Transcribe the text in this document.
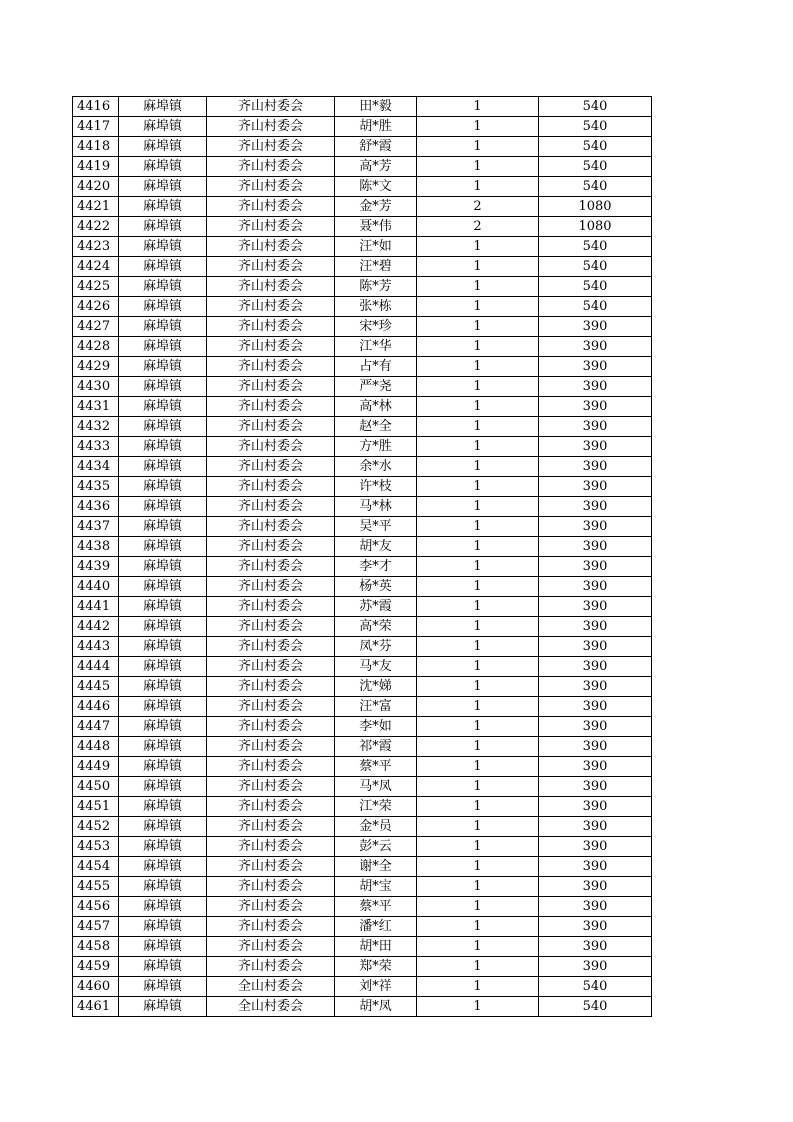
4416	麻埠镇	齐山村委会	田*毅	1	540
4417	麻埠镇	齐山村委会	胡*胜	1	540
4418	麻埠镇	齐山村委会	舒*霞	1	540
4419	麻埠镇	齐山村委会	高*芳	1	540
4420	麻埠镇	齐山村委会	陈*文	1	540
4421	麻埠镇	齐山村委会	金*芳	2	1080
4422	麻埠镇	齐山村委会	聂*伟	2	1080
4423	麻埠镇	齐山村委会	汪*如	1	540
4424	麻埠镇	齐山村委会	汪*碧	1	540
4425	麻埠镇	齐山村委会	陈*芳	1	540
4426	麻埠镇	齐山村委会	张*栋	1	540
4427	麻埠镇	齐山村委会	宋*珍	1	390
4428	麻埠镇	齐山村委会	江*华	1	390
4429	麻埠镇	齐山村委会	占*有	1	390
4430	麻埠镇	齐山村委会	严*尧	1	390
4431	麻埠镇	齐山村委会	高*林	1	390
4432	麻埠镇	齐山村委会	赵*全	1	390
4433	麻埠镇	齐山村委会	方*胜	1	390
4434	麻埠镇	齐山村委会	余*水	1	390
4435	麻埠镇	齐山村委会	许*枝	1	390
4436	麻埠镇	齐山村委会	马*林	1	390
4437	麻埠镇	齐山村委会	吴*平	1	390
4438	麻埠镇	齐山村委会	胡*友	1	390
4439	麻埠镇	齐山村委会	李*才	1	390
4440	麻埠镇	齐山村委会	杨*英	1	390
4441	麻埠镇	齐山村委会	苏*霞	1	390
4442	麻埠镇	齐山村委会	高*荣	1	390
4443	麻埠镇	齐山村委会	凤*芬	1	390
4444	麻埠镇	齐山村委会	马*友	1	390
4445	麻埠镇	齐山村委会	沈*娣	1	390
4446	麻埠镇	齐山村委会	汪*富	1	390
4447	麻埠镇	齐山村委会	李*如	1	390
4448	麻埠镇	齐山村委会	祁*霞	1	390
4449	麻埠镇	齐山村委会	蔡*平	1	390
4450	麻埠镇	齐山村委会	马*凤	1	390
4451	麻埠镇	齐山村委会	江*荣	1	390
4452	麻埠镇	齐山村委会	金*员	1	390
4453	麻埠镇	齐山村委会	彭*云	1	390
4454	麻埠镇	齐山村委会	谢*全	1	390
4455	麻埠镇	齐山村委会	胡*宝	1	390
4456	麻埠镇	齐山村委会	蔡*平	1	390
4457	麻埠镇	齐山村委会	潘*红	1	390
4458	麻埠镇	齐山村委会	胡*田	1	390
4459	麻埠镇	齐山村委会	郑*荣	1	390
4460	麻埠镇	全山村委会	刘*祥	1	540
4461	麻埠镇	全山村委会	胡*凤	1	540
